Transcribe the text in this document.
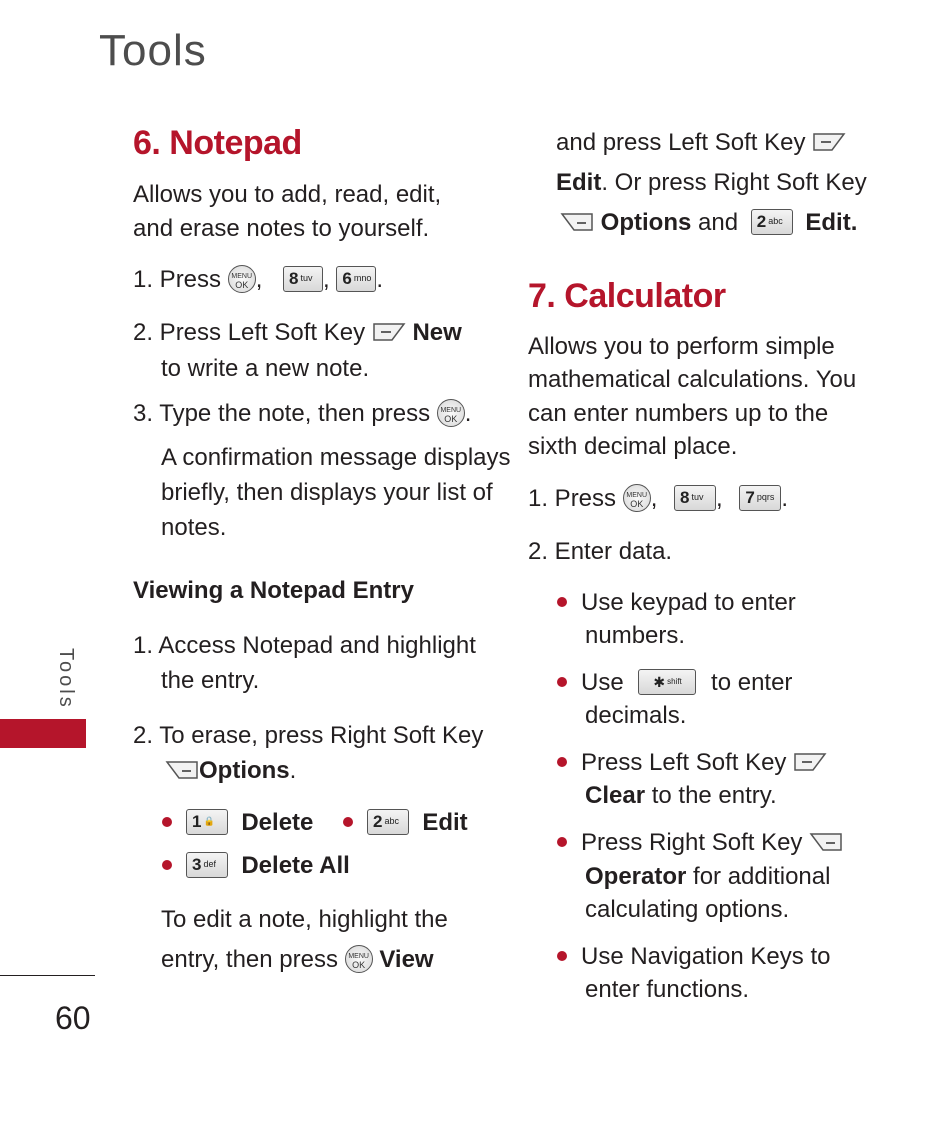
Tools
6. Notepad
Allows you to add, read, edit,
and erase notes to yourself.
1. Press	MENU
OK , 8 tuv , 6 mno .
2. Press Left Soft Key New
to write a new note.
3. Type the note, then press	MENU
OK .
A confirmation message displays
briefly, then displays your list of
notes.
Viewing a Notepad Entry
1. Access Notepad and highlight
the entry.
2. To erase, press Right Soft Key
Options.
1 🔒 Delete	2 abc Edit
3 def Delete All
To edit a note, highlight the
entry, then press	MENU
OK View
and press Left Soft Key
Edit. Or press Right Soft Key
Options and 2 abc Edit.
7. Calculator
Allows you to perform simple
mathematical calculations. You
can enter numbers up to the
sixth decimal place.
1. Press	MENU
OK , 8 tuv , 7 pqrs .
2. Enter data.
Use keypad to enter
numbers.
Use ✱ shift to enter
decimals.
Press Left Soft Key
Clear to the entry.
Press Right Soft Key
Operator for additional
calculating options.
Use Navigation Keys to
enter functions.
Tools
60
